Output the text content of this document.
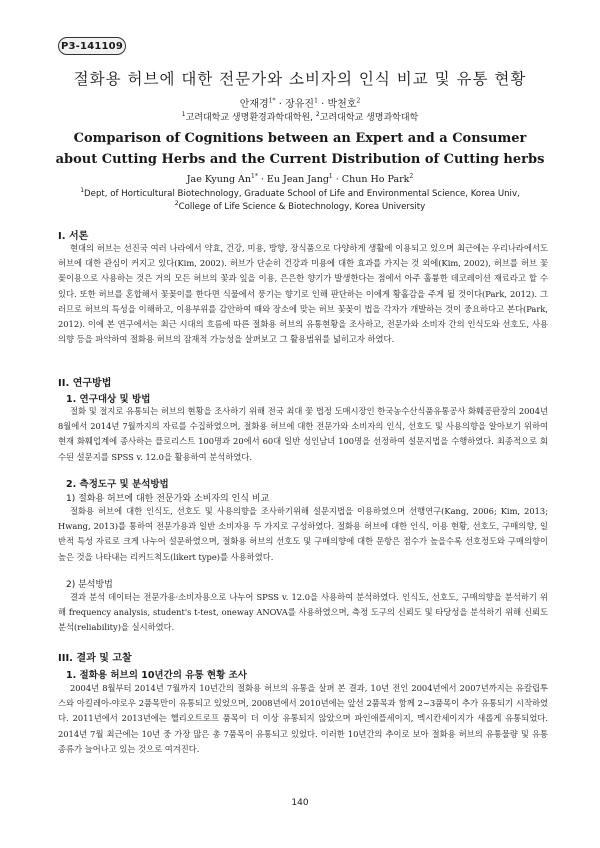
P3-141109
절화용 허브에 대한 전문가와 소비자의 인식 비교 및 유통 현황
안재경$^{1*}$ · 장유진$^1$ · 박천호$^2$
$^1$고려대학교 생명환경과학대학원, $^2$고려대학교 생명과학대학
Comparison of Cognitions between an Expert and a Consumer about Cutting Herbs and the Current Distribution of Cutting herbs
Jae Kyung $An^{1*} \cdot Eu$ Jean Jang$^1$ · Chun Ho Park$^2$
$^1$Dept, of Horticultural Biotechnology, Graduate School of Life and Environmental Science, Korea Univ,
$^2$College of Life Science & Biotechnology, Korea University
I. 서론
현대의 허브는 선진국 여러 나라에서 약효, 건강, 미용, 방향, 장식품으로 다양하게 생활에 이용되고 있으며 최근에는 우리나라에서도 허브에 대한 관심이 커지고 있다(Kim, 2002). 허브가 단순히 건강과 미용에 대한 효과를 가지는 것 외에(Kim, 2002), 허브를 허브 꽃꽂이용으로 사용하는 것은 거의 모든 허브의 꽃과 잎을 이용, 은은한 향기가 발생한다는 점에서 아주 훌륭한 데코레이션 재료라고 할 수 있다. 또한 허브를 혼합해서 꽃꽂이를 한다면 식물에서 풍기는 향기로 인해 판단하는 이에게 황홀감을 주게 될 것이다(Park, 2012). 그러므로 허브의 특성을 이해하고, 이용부위를 감안하여 때와 장소에 맞는 허브 꽃꽂이 법을 각자가 개발하는 것이 중요하다고 본다(Park, 2012). 이에 본 연구에서는 최근 시대의 흐름에 따른 절화용 허브의 유통현황을 조사하고, 전문가와 소비자 간의 인식도와 선호도, 사용의향 등을 파악하여 절화용 허브의 잠재적 가능성을 살펴보고 그 활용범위를 넓히고자 하였다.
II. 연구방법
1. 연구대상 및 방법
절화 및 절지로 유통되는 허브의 현황을 조사하기 위해 전국 최대 꽃 법정 도매시장인 한국농수산식품유통공사 화훼공판장의 2004년 8월에서 2014년 7월까지의 자료를 수집하였으며, 절화용 허브에 대한 전문가와 소비자의 인식, 선호도 및 사용의향을 알아보기 위하여 현재 화훼업계에 종사하는 플로리스트 100명과 20에서 60대 일반 성인남녀 100명을 선정하여 설문지법을 수행하였다. 최종적으로 회수된 설문지를 SPSS v. 12.0을 활용하여 분석하였다.
2. 측정도구 및 분석방법
1) 절화용 허브에 대한 전문가와 소비자의 인식 비교
절화용 허브에 대한 인식도, 선호도 및 사용의향을 조사하기위해 설문지법을 이용하였으며 선행연구(Kang, 2006; Kim, 2013; Hwang, 2013)를 통하여 전문가용과 일반 소비자용 두 가지로 구성하였다. 절화용 허브에 대한 인식, 이용 현황, 선호도, 구매의향, 일반적 특성 자료로 크게 나누어 설문하였으며, 절화용 허브의 선호도 및 구매의향에 대한 문항은 점수가 높을수록 선호정도와 구매의향이 높은 것을 나타내는 리커드척도(likert type)를 사용하였다.
2) 분석방법
결과 분석 데이터는 전문가용·소비자용으로 나누어 SPSS v. 12.0을 사용하여 분석하였다. 인식도, 선호도, 구매의향을 분석하기 위해 frequency analysis, student's t-test, oneway ANOVA를 사용하였으며, 측정 도구의 신뢰도 및 타당성을 분석하기 위해 신뢰도 분석(reliability)을 실시하였다.
III. 결과 및 고찰
1. 절화용 허브의 10년간의 유통 현황 조사
2004년 8월부터 2014년 7월까지 10년간의 절화용 허브의 유통을 살펴 본 결과, 10년 전인 2004년에서 2007년까지는 유칼립투스와 아킬레아-야로우 2품목만이 유통되고 있었으며, 2008년에서 2010년에는 앞선 2품목과 함께 2~3품목이 추가 유통되기 시작하였다. 2011년에서 2013년에는 헬리오트로프 품목이 더 이상 유통되지 않았으며 파인애플세이지, 멕시칸세이지가 새롭게 유통되었다. 2014년 7월 최근에는 10년 중 가장 많은 총 7품목이 유통되고 있었다. 이러한 10년간의 추이로 보아 절화용 허브의 유통물량 및 유통종류가 늘어나고 있는 것으로 여겨진다.
140
